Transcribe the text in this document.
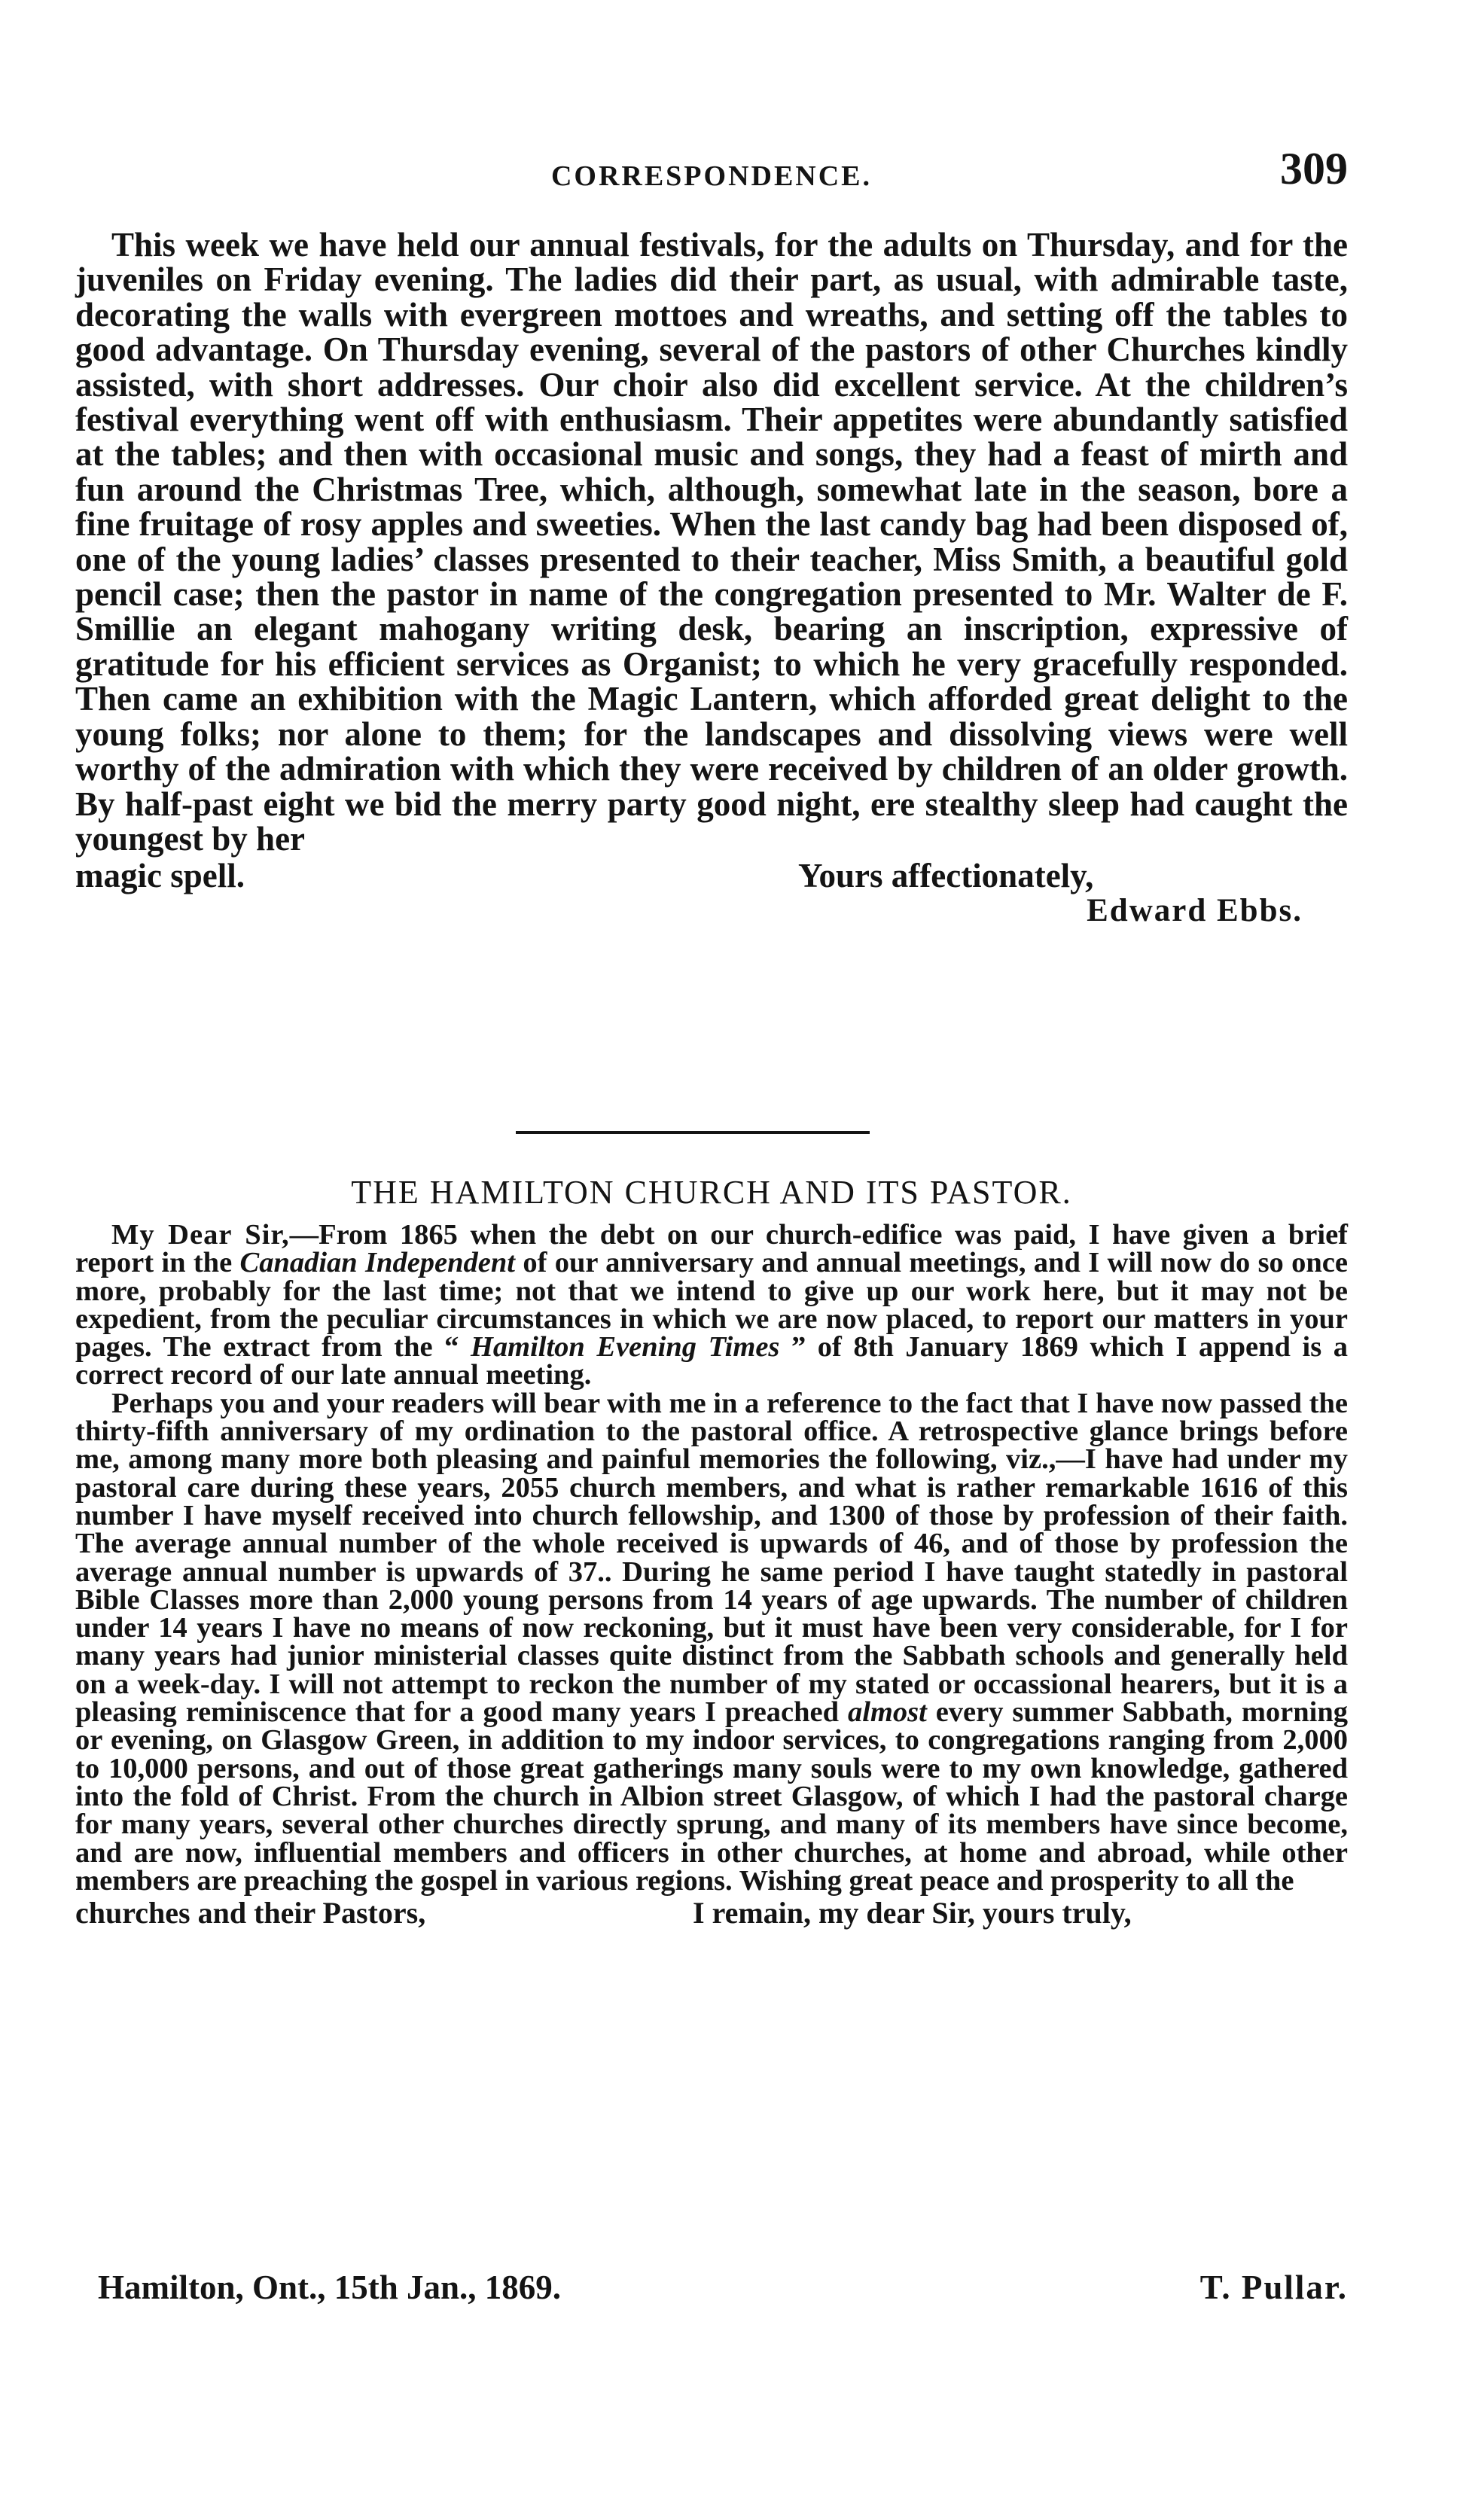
CORRESPONDENCE.	309

This week we have held our annual festivals, for the adults on Thursday, and for the juveniles on Friday evening. The ladies did their part, as usual, with admirable taste, decorating the walls with evergreen mottoes and wreaths, and setting off the tables to good advantage. On Thursday evening, several of the pastors of other Churches kindly assisted, with short addresses. Our choir also did excellent service. At the children’s festival everything went off with enthusiasm. Their appetites were abundantly satisfied at the tables; and then with occasional music and songs, they had a feast of mirth and fun around the Christmas Tree, which, although, somewhat late in the season, bore a fine fruitage of rosy apples and sweeties. When the last candy bag had been disposed of, one of the young ladies’ classes presented to their teacher, Miss Smith, a beautiful gold pencil case; then the pastor in name of the congregation presented to Mr. Walter de F. Smillie an elegant mahogany writing desk, bearing an inscription, expressive of gratitude for his efficient services as Organist; to which he very gracefully responded. Then came an exhibition with the Magic Lantern, which afforded great delight to the young folks; nor alone to them; for the landscapes and dissolving views were well worthy of the admiration with which they were received by children of an older growth. By half-past eight we bid the merry party good night, ere stealthy sleep had caught the youngest by her

magic spell.	Yours affectionately,
Edward Ebbs.
THE HAMILTON CHURCH AND ITS PASTOR.

My Dear Sir,—From 1865 when the debt on our church-edifice was paid, I have given a brief report in the Canadian Independent of our anniversary and annual meetings, and I will now do so once more, probably for the last time; not that we intend to give up our work here, but it may not be expedient, from the peculiar circumstances in which we are now placed, to report our matters in your pages. The extract from the “ Hamilton Evening Times ” of 8th January 1869 which I append is a correct record of our late annual meeting.

Perhaps you and your readers will bear with me in a reference to the fact that I have now passed the thirty-fifth anniversary of my ordination to the pastoral office. A retrospective glance brings before me, among many more both pleasing and painful memories the following, viz.,—I have had under my pastoral care during these years, 2055 church members, and what is rather remarkable 1616 of this number I have myself received into church fellowship, and 1300 of those by profession of their faith. The average annual number of the whole received is upwards of 46, and of those by profession the average annual number is upwards of 37.. During he same period I have taught statedly in pastoral Bible Classes more than 2,000 young persons from 14 years of age upwards. The number of children under 14 years I have no means of now reckoning, but it must have been very considerable, for I for many years had junior ministerial classes quite distinct from the Sabbath schools and generally held on a week-day. I will not attempt to reckon the number of my stated or occassional hearers, but it is a pleasing reminiscence that for a good many years I preached almost every summer Sabbath, morning or evening, on Glasgow Green, in addition to my indoor services, to congregations ranging from 2,000 to 10,000 persons, and out of those great gatherings many souls were to my own knowledge, gathered into the fold of Christ. From the church in Albion street Glasgow, of which I had the pastoral charge for many years, several other churches directly sprung, and many of its members have since become, and are now, influential members and officers in other churches, at home and abroad, while other members are preaching the gospel in various regions. Wishing great peace and prosperity to all the

churches and their Pastors,	I remain, my dear Sir, yours truly,
Hamilton, Ont., 15th Jan., 1869.	T. Pullar.
